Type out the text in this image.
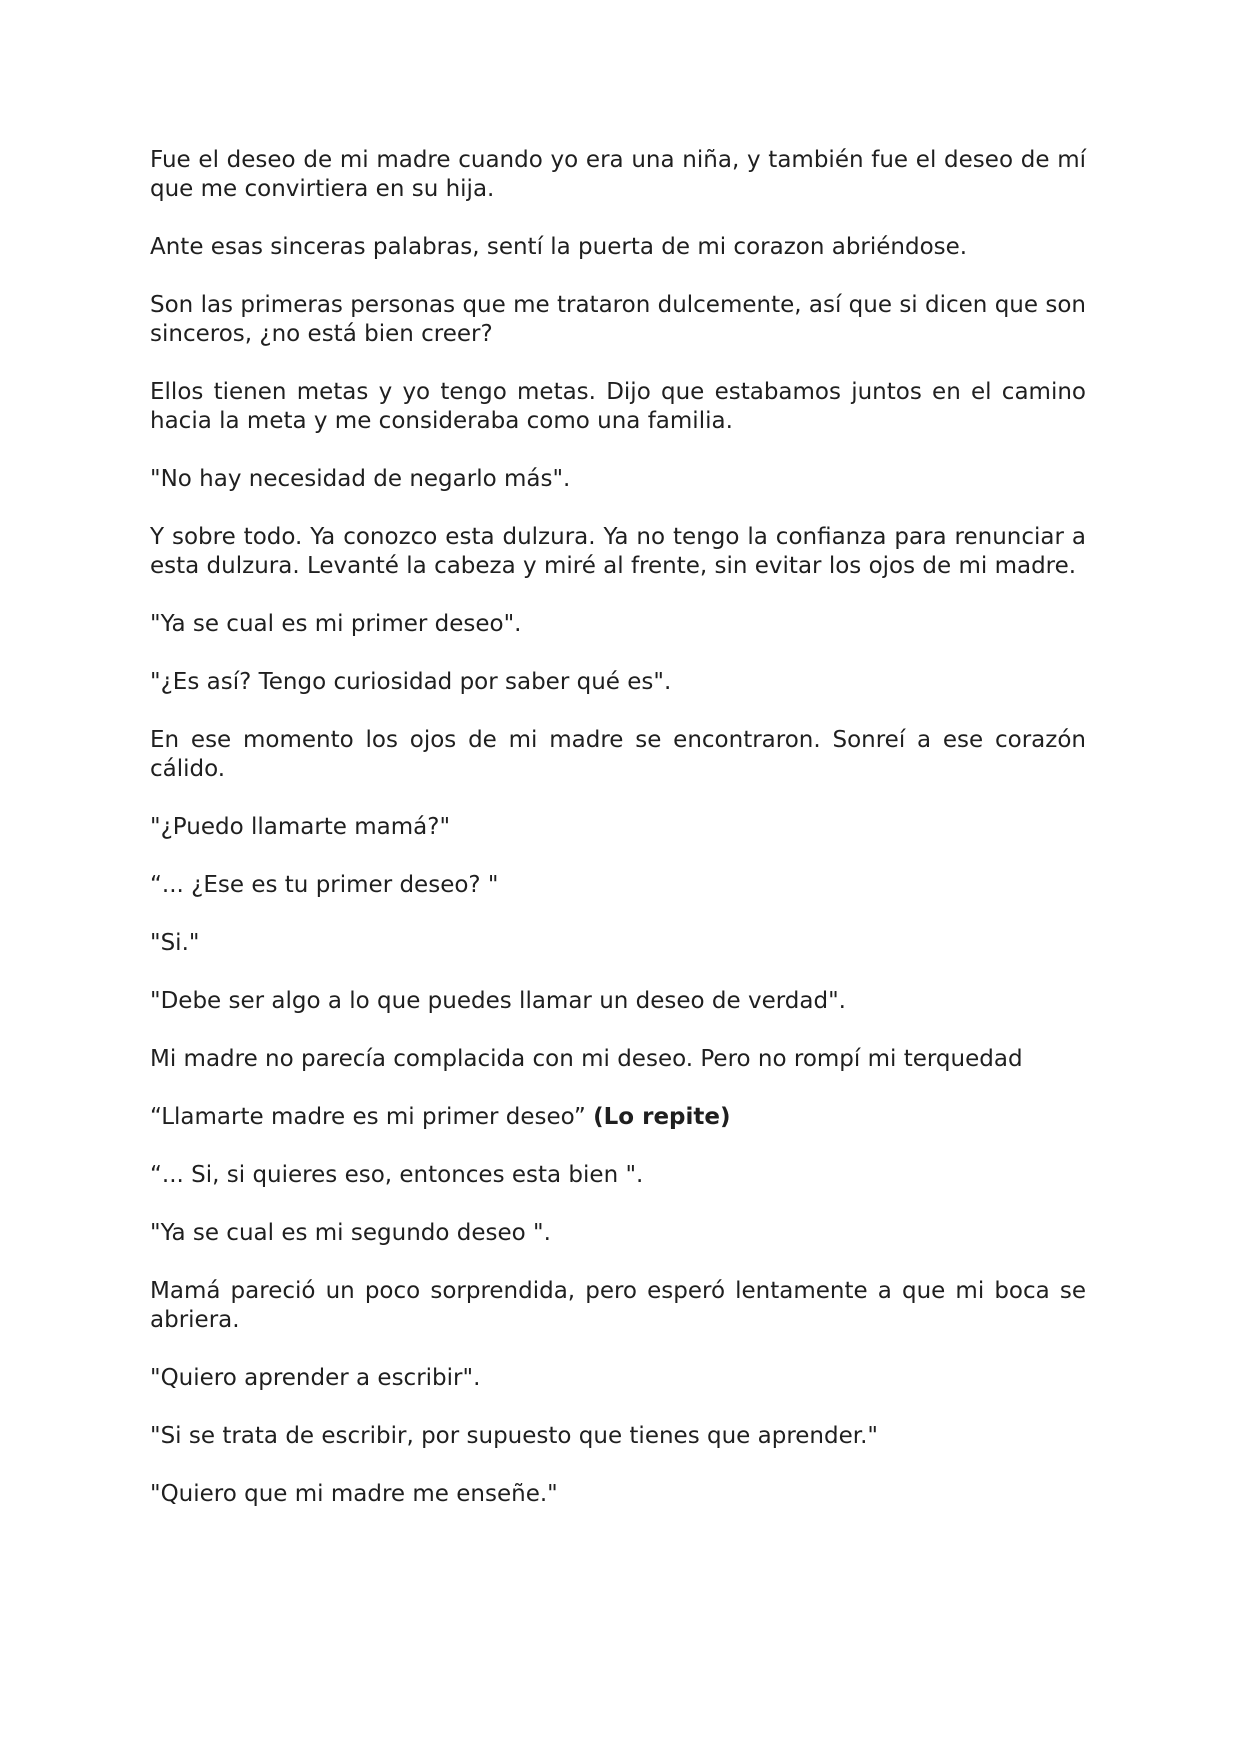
Fue el deseo de mi madre cuando yo era una niña, y también fue el deseo de mí que me convirtiera en su hija.

Ante esas sinceras palabras, sentí la puerta de mi corazon abriéndose.

Son las primeras personas que me trataron dulcemente, así que si dicen que son sinceros, ¿no está bien creer?

Ellos tienen metas y yo tengo metas. Dijo que estabamos juntos en el camino hacia la meta y me consideraba como una familia.

"No hay necesidad de negarlo más".

Y sobre todo. Ya conozco esta dulzura. Ya no tengo la confianza para renunciar a esta dulzura. Levanté la cabeza y miré al frente, sin evitar los ojos de mi madre.

"Ya se cual es mi primer deseo".

"¿Es así? Tengo curiosidad por saber qué es".

En ese momento los ojos de mi madre se encontraron. Sonreí a ese corazón cálido.

"¿Puedo llamarte mamá?"

“... ¿Ese es tu primer deseo? "

"Si."

"Debe ser algo a lo que puedes llamar un deseo de verdad".

Mi madre no parecía complacida con mi deseo. Pero no rompí mi terquedad

“Llamarte madre es mi primer deseo” (Lo repite)

“... Si, si quieres eso, entonces esta bien ".

"Ya se cual es mi segundo deseo ".

Mamá pareció un poco sorprendida, pero esperó lentamente a que mi boca se abriera.

"Quiero aprender a escribir".

"Si se trata de escribir, por supuesto que tienes que aprender."

"Quiero que mi madre me enseñe."
